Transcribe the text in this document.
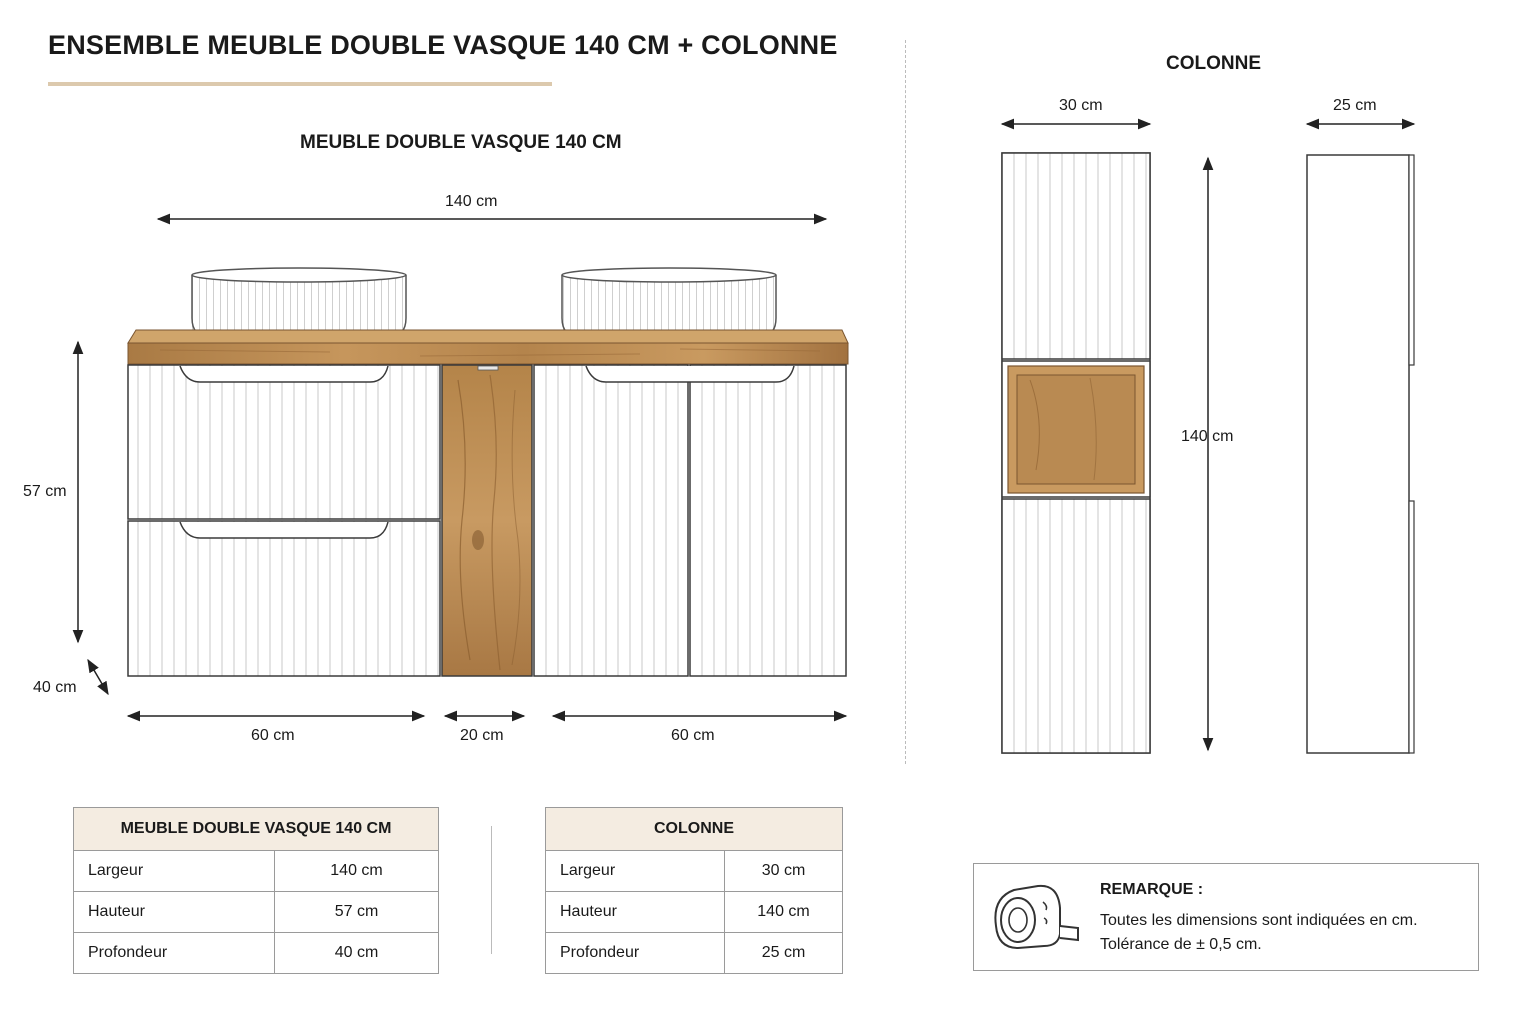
ENSEMBLE MEUBLE DOUBLE VASQUE 140 CM + COLONNE
MEUBLE DOUBLE VASQUE 140 CM
140 cm
57 cm
40 cm
60 cm	20 cm	60 cm
COLONNE
30 cm	25 cm
140 cm
MEUBLE DOUBLE VASQUE 140 CM	
Largeur	140 cm
Hauteur	57 cm
Profondeur	40 cm
COLONNE	
Largeur	30 cm
Hauteur	140 cm
Profondeur	25 cm
REMARQUE :
Toutes les dimensions sont indiquées en cm.
Tolérance de ± 0,5 cm.
